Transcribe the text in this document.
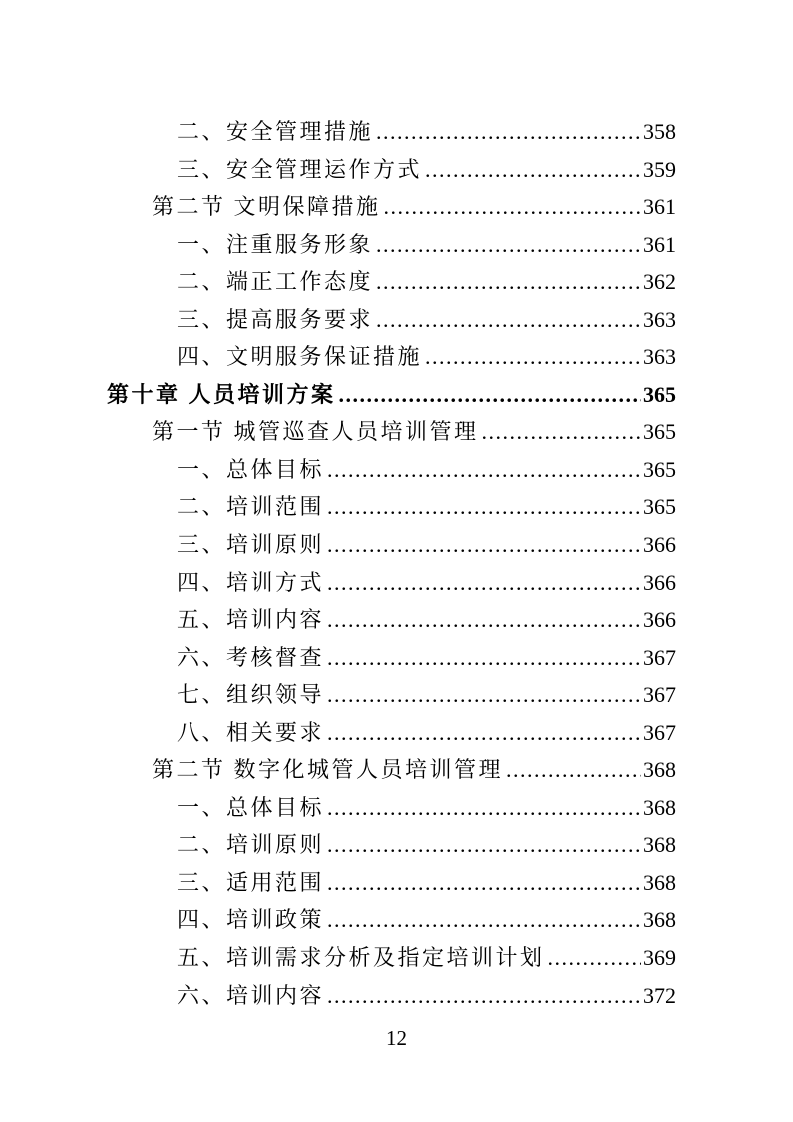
二、安全管理措施 .....	358
三、安全管理运作方式 .....	359
第二节 文明保障措施 .....	361
一、注重服务形象 .....	361
二、端正工作态度 .....	362
三、提高服务要求 .....	363
四、文明服务保证措施 .....	363
第十章 人员培训方案 .....	365
第一节 城管巡查人员培训管理 .....	365
一、总体目标 .....	365
二、培训范围 .....	365
三、培训原则 .....	366
四、培训方式 .....	366
五、培训内容 .....	366
六、考核督查 .....	367
七、组织领导 .....	367
八、相关要求 .....	367
第二节 数字化城管人员培训管理 .....	368
一、总体目标 .....	368
二、培训原则 .....	368
三、适用范围 .....	368
四、培训政策 .....	368
五、培训需求分析及指定培训计划 .....	369
六、培训内容 .....	372
12
